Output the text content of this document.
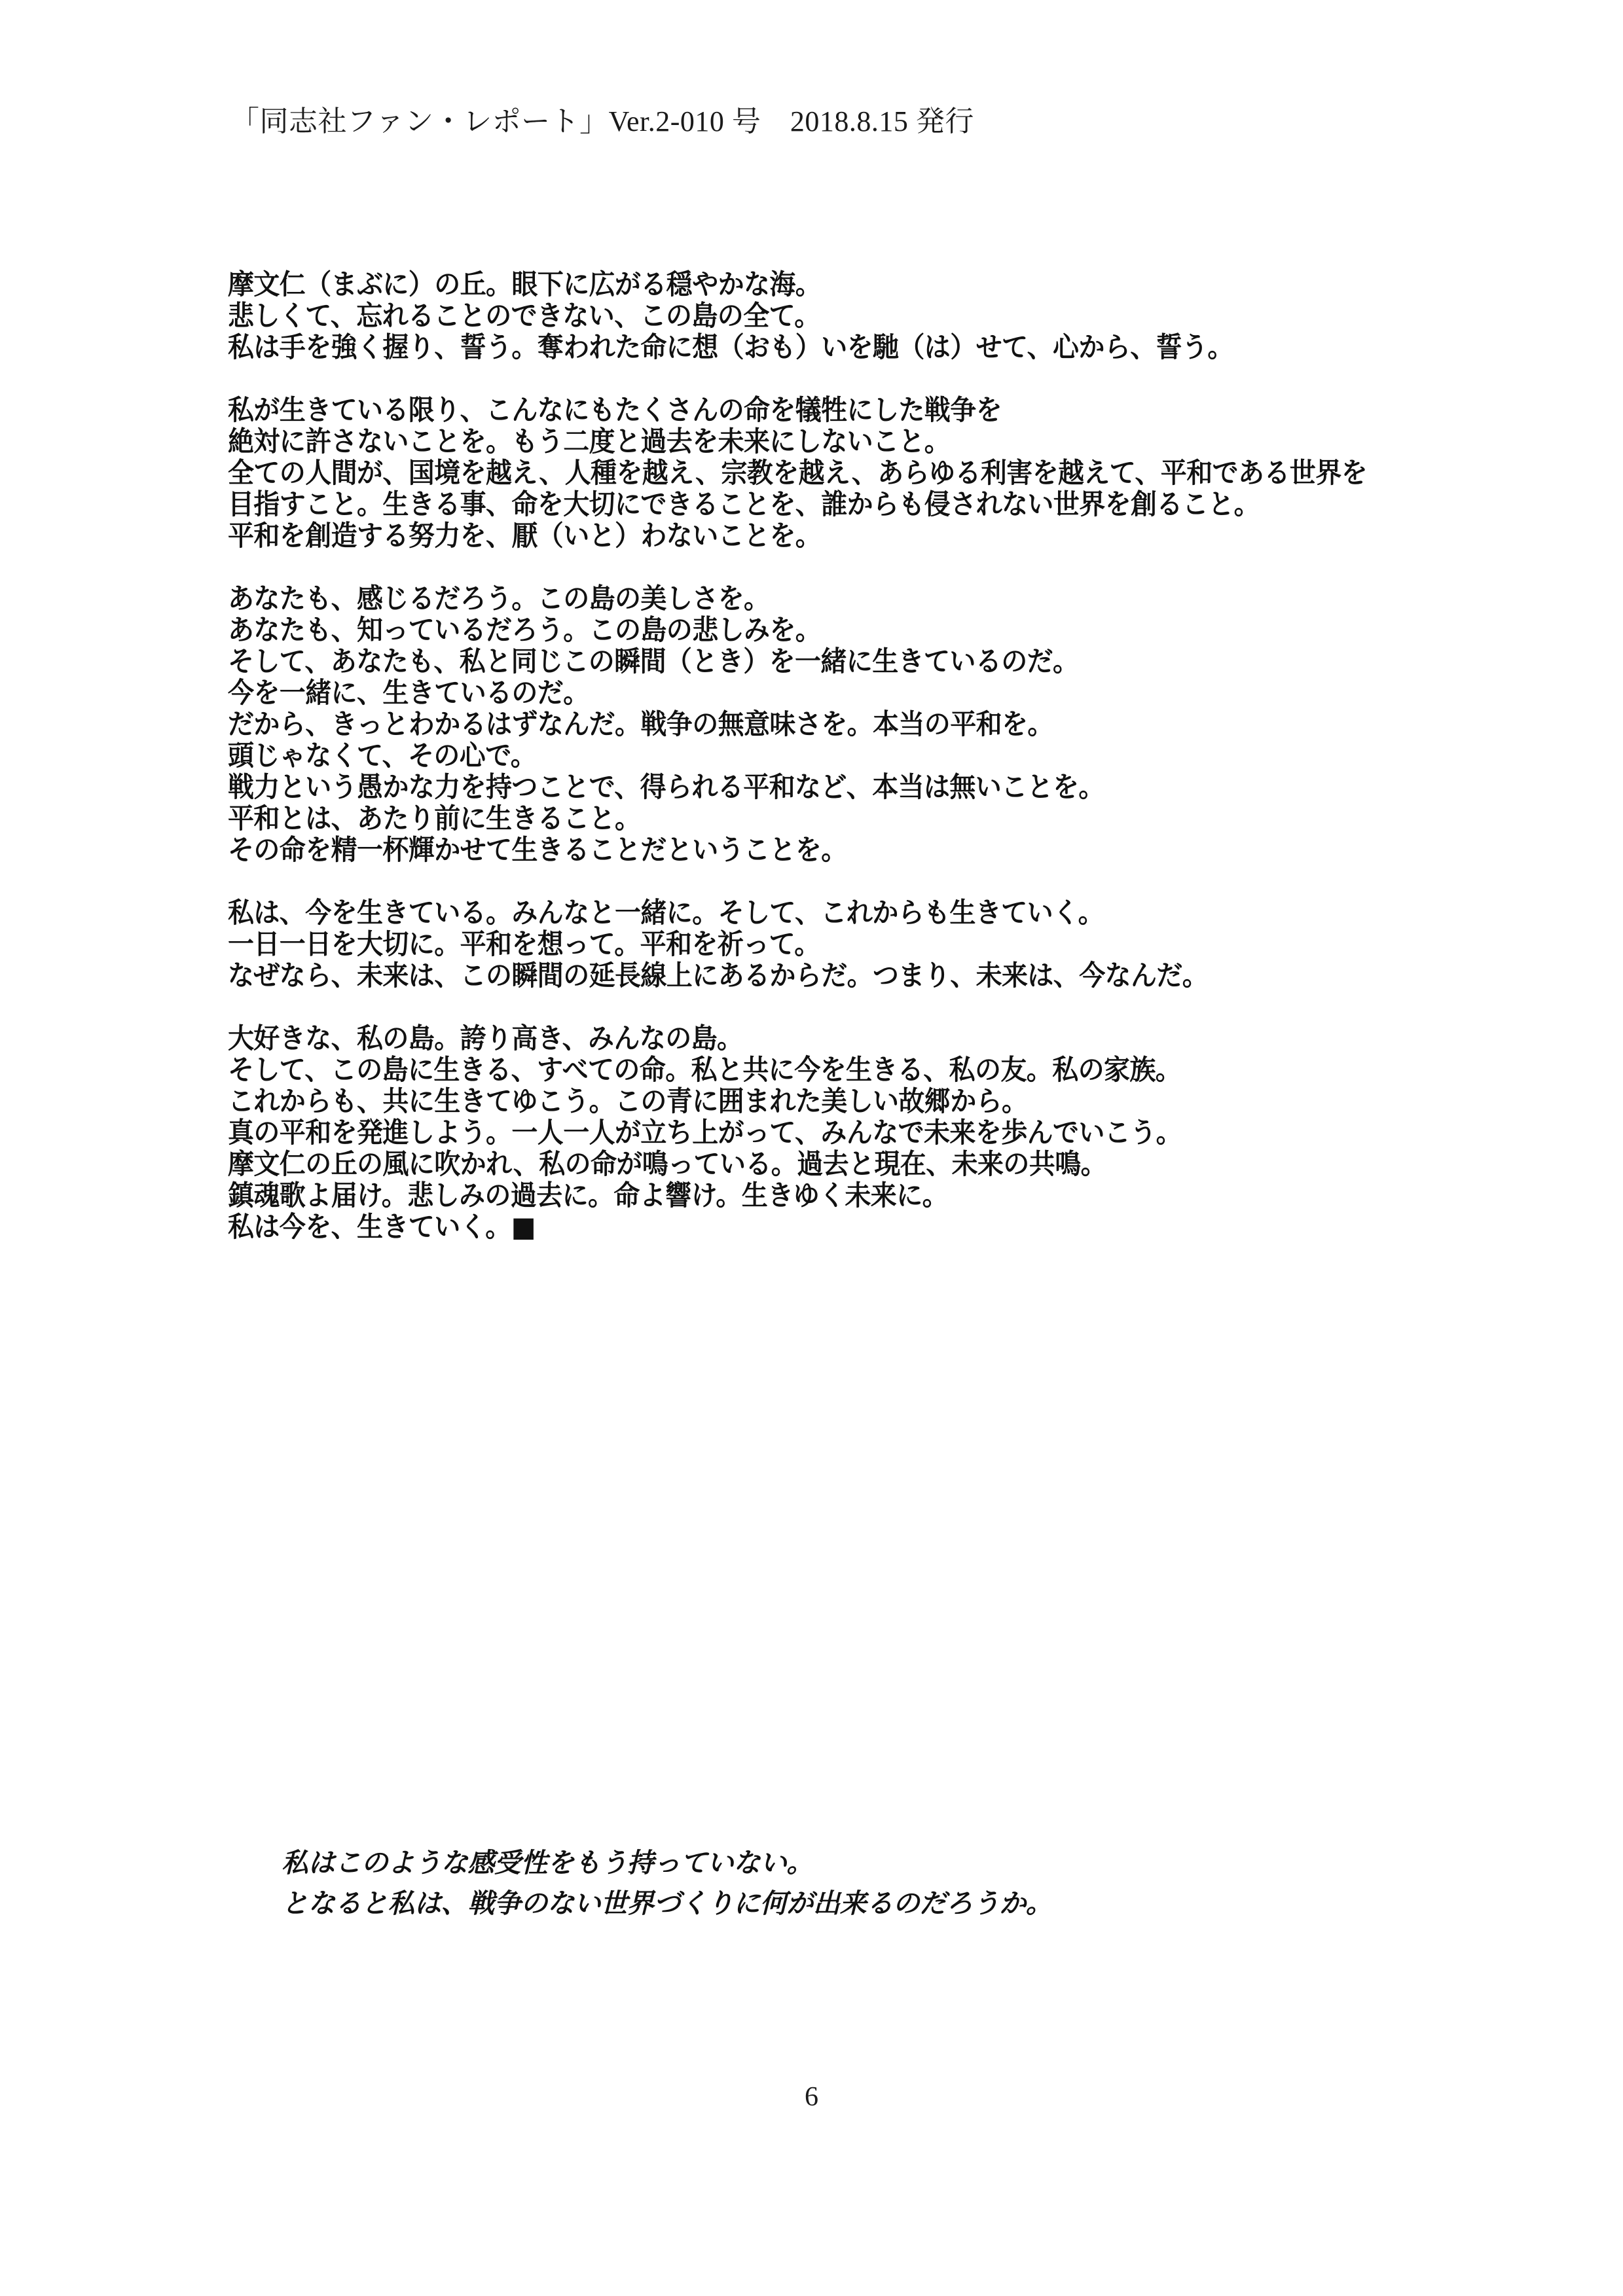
「同志社ファン・レポート」Ver.2-010 号　2018.8.15 発行
摩文仁（まぶに）の丘。眼下に広がる穏やかな海。
悲しくて、忘れることのできない、この島の全て。
私は手を強く握り、誓う。奪われた命に想（おも）いを馳（は）せて、心から、誓う。
私が生きている限り、こんなにもたくさんの命を犠牲にした戦争を
絶対に許さないことを。もう二度と過去を未来にしないこと。
全ての人間が、国境を越え、人種を越え、宗教を越え、あらゆる利害を越えて、平和である世界を
目指すこと。生きる事、命を大切にできることを、誰からも侵されない世界を創ること。
平和を創造する努力を、厭（いと）わないことを。
あなたも、感じるだろう。この島の美しさを。
あなたも、知っているだろう。この島の悲しみを。
そして、あなたも、私と同じこの瞬間（とき）を一緒に生きているのだ。
今を一緒に、生きているのだ。
だから、きっとわかるはずなんだ。戦争の無意味さを。本当の平和を。
頭じゃなくて、その心で。
戦力という愚かな力を持つことで、得られる平和など、本当は無いことを。
平和とは、あたり前に生きること。
その命を精一杯輝かせて生きることだということを。
私は、今を生きている。みんなと一緒に。そして、これからも生きていく。
一日一日を大切に。平和を想って。平和を祈って。
なぜなら、未来は、この瞬間の延長線上にあるからだ。つまり、未来は、今なんだ。
大好きな、私の島。誇り高き、みんなの島。
そして、この島に生きる、すべての命。私と共に今を生きる、私の友。私の家族。
これからも、共に生きてゆこう。この青に囲まれた美しい故郷から。
真の平和を発進しよう。一人一人が立ち上がって、みんなで未来を歩んでいこう。
摩文仁の丘の風に吹かれ、私の命が鳴っている。過去と現在、未来の共鳴。
鎮魂歌よ届け。悲しみの過去に。命よ響け。生きゆく未来に。
私は今を、生きていく。■
私はこのような感受性をもう持っていない。
となると私は、戦争のない世界づくりに何が出来るのだろうか。
6
